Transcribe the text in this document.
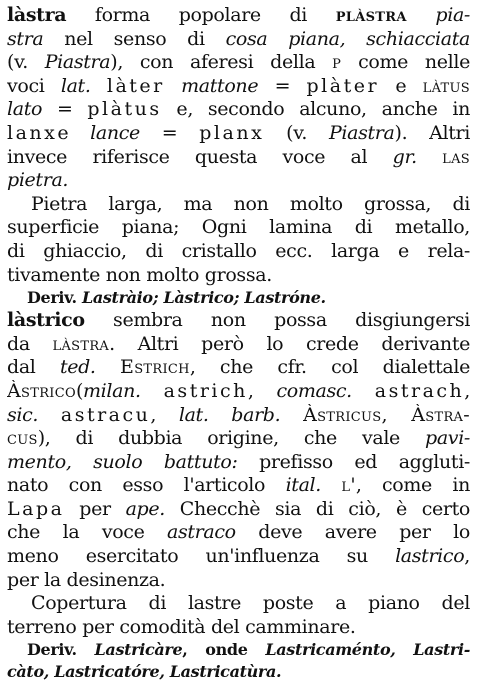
làstra forma popolare di plàstra pia-
stra nel senso di cosa piana, schiacciata
(v. Piastra), con aferesi della p come nelle
voci lat. làter mattone = plàter e làtus
lato = plàtus e, secondo alcuno, anche in
lanxe lance = planx (v. Piastra). Altri
invece riferisce questa voce al gr. las
pietra.
Pietra larga, ma non molto grossa, di
superficie piana; Ogni lamina di metallo,
di ghiaccio, di cristallo ecc. larga e rela-
tivamente non molto grossa.
Deriv. Lastràio; Làstrico; Lastróne.
làstrico sembra non possa disgiungersi
da làstra. Altri però lo crede derivante
dal ted. Estrich, che cfr. col dialettale
Àstrico(milan. astrich, comasc. astrach,
sic. astracu, lat. barb. Àstricus, Àstra-
cus), di dubbia origine, che vale pavi-
mento, suolo battuto: prefisso ed aggluti-
nato con esso l'articolo ital. l', come in
Lapa per ape. Checchè sia di ciò, è certo
che la voce astraco deve avere per lo
meno esercitato un'influenza su lastrico,
per la desinenza.
Copertura di lastre poste a piano del
terreno per comodità del camminare.
Deriv. Lastricàre, onde Lastricaménto, Lastri-
càto, Lastricatóre, Lastricatùra.
